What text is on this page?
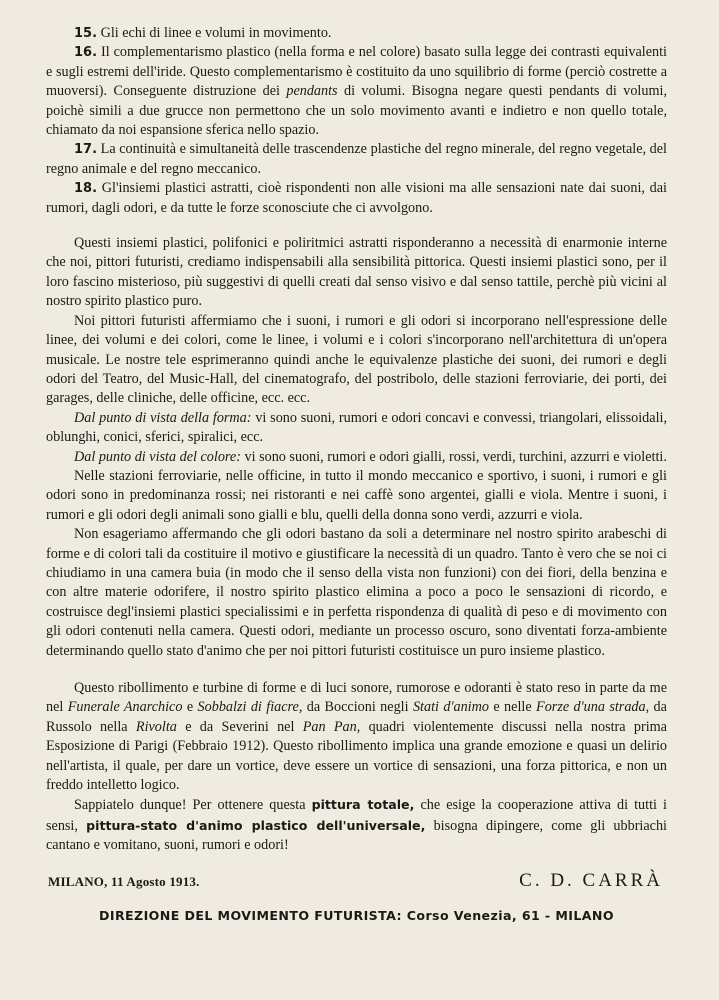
15. Gli echi di linee e volumi in movimento.

16. Il complementarismo plastico (nella forma e nel colore) basato sulla legge dei contrasti equivalenti e sugli estremi dell'iride. Questo complementarismo è costituito da uno squilibrio di forme (perciò costrette a muoversi). Conseguente distruzione dei pendants di volumi. Bisogna negare questi pendants di volumi, poichè simili a due grucce non permettono che un solo movimento avanti e indietro e non quello totale, chiamato da noi espansione sferica nello spazio.

17. La continuità e simultaneità delle trascendenze plastiche del regno minerale, del regno vegetale, del regno animale e del regno meccanico.

18. Gl'insiemi plastici astratti, cioè rispondenti non alle visioni ma alle sensazioni nate dai suoni, dai rumori, dagli odori, e da tutte le forze sconosciute che ci avvolgono.

Questi insiemi plastici, polifonici e poliritmici astratti risponderanno a necessità di enarmonie interne che noi, pittori futuristi, crediamo indispensabili alla sensibilità pittorica. Questi insiemi plastici sono, per il loro fascino misterioso, più suggestivi di quelli creati dal senso visivo e dal senso tattile, perchè più vicini al nostro spirito plastico puro.

Noi pittori futuristi affermiamo che i suoni, i rumori e gli odori si incorporano nell'espressione delle linee, dei volumi e dei colori, come le linee, i volumi e i colori s'incorporano nell'architettura di un'opera musicale. Le nostre tele esprimeranno quindi anche le equivalenze plastiche dei suoni, dei rumori e degli odori del Teatro, del Music-Hall, del cinematografo, del postribolo, delle stazioni ferroviarie, dei porti, dei garages, delle cliniche, delle officine, ecc. ecc.

Dal punto di vista della forma: vi sono suoni, rumori e odori concavi e convessi, triangolari, elissoidali, oblunghi, conici, sferici, spiralici, ecc.

Dal punto di vista del colore: vi sono suoni, rumori e odori gialli, rossi, verdi, turchini, azzurri e violetti.

Nelle stazioni ferroviarie, nelle officine, in tutto il mondo meccanico e sportivo, i suoni, i rumori e gli odori sono in predominanza rossi; nei ristoranti e nei caffè sono argentei, gialli e viola. Mentre i suoni, i rumori e gli odori degli animali sono gialli e blu, quelli della donna sono verdi, azzurri e viola.

Non esageriamo affermando che gli odori bastano da soli a determinare nel nostro spirito arabeschi di forme e di colori tali da costituire il motivo e giustificare la necessità di un quadro. Tanto è vero che se noi ci chiudiamo in una camera buia (in modo che il senso della vista non funzioni) con dei fiori, della benzina e con altre materie odorifere, il nostro spirito plastico elimina a poco a poco le sensazioni di ricordo, e costruisce degl'insiemi plastici specialissimi e in perfetta rispondenza di qualità di peso e di movimento con gli odori contenuti nella camera. Questi odori, mediante un processo oscuro, sono diventati forza-ambiente determinando quello stato d'animo che per noi pittori futuristi costituisce un puro insieme plastico.

Questo ribollimento e turbine di forme e di luci sonore, rumorose e odoranti è stato reso in parte da me nel Funerale Anarchico e Sobbalzi di fiacre, da Boccioni negli Stati d'animo e nelle Forze d'una strada, da Russolo nella Rivolta e da Severini nel Pan Pan, quadri violentemente discussi nella nostra prima Esposizione di Parigi (Febbraio 1912). Questo ribollimento implica una grande emozione e quasi un delirio nell'artista, il quale, per dare un vortice, deve essere un vortice di sensazioni, una forza pittorica, e non un freddo intelletto logico.

Sappiatelo dunque! Per ottenere questa pittura totale, che esige la cooperazione attiva di tutti i sensi, pittura-stato d'animo plastico dell'universale, bisogna dipingere, come gli ubbriachi cantano e vomitano, suoni, rumori e odori!

MILANO, 11 Agosto 1913.	C. D. CARRÀ
DIREZIONE DEL MOVIMENTO FUTURISTA: Corso Venezia, 61 - MILANO
